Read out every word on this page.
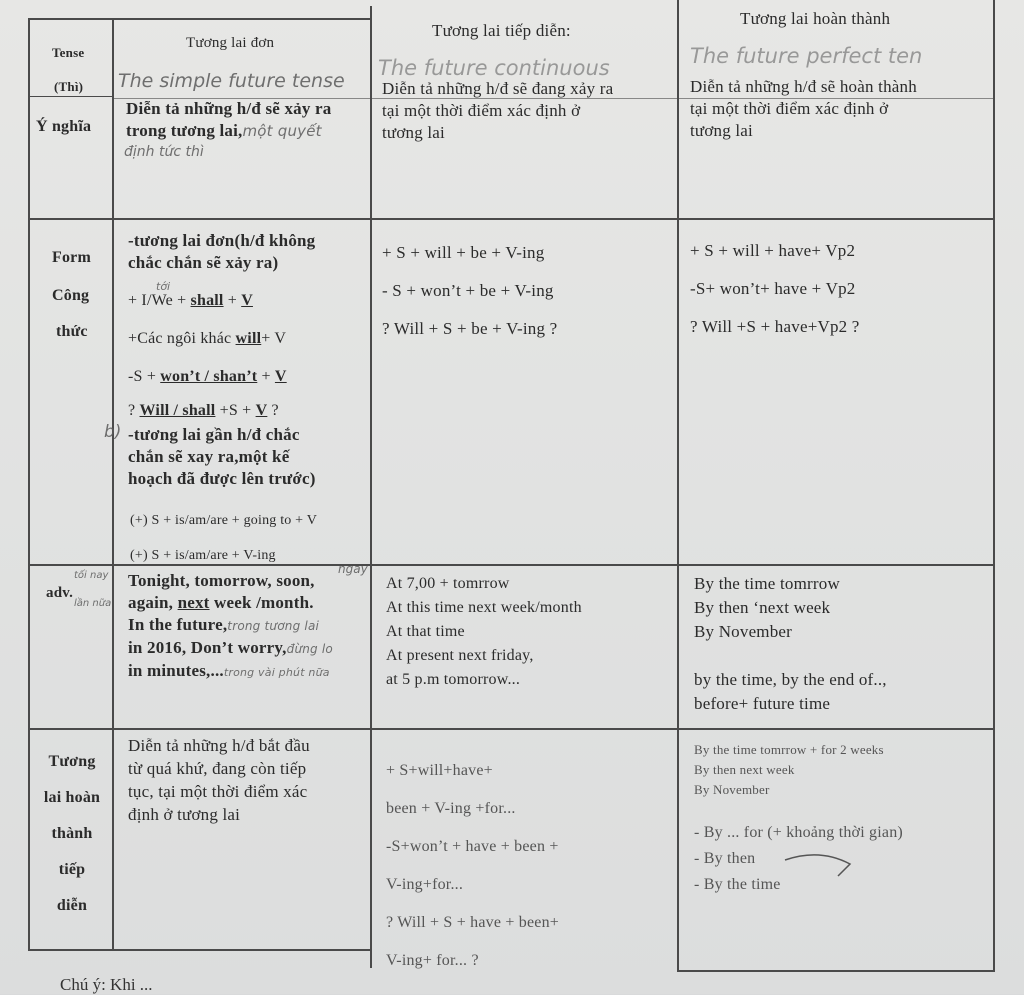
Tense
(Thì)
Tương lai đơn
Tương lai tiếp diễn:
Tương lai hoàn thành
The simple future tense
The future continuous	The future perfect ten
Ý nghĩa

Diễn tả những h/đ sẽ xảy ra

trong tương lai,một quyết

định tức thì

Diễn tả những h/đ sẽ đang xảy ra

tại một thời điểm xác định ở

tương lai

Diễn tả những h/đ sẽ hoàn thành

tại một thời điểm xác định ở

tương lai

Form
Công
thức

-tương lai đơn(h/đ không

chắc chắn sẽ xảy ra)

+ I/We + shall + V
tới
+Các ngôi khác will+ V
-S + won’t / shan’t + V
? Will / shall +S + V ?
b) -tương lai gần h/đ chắc

chắn sẽ xay ra,một kế

hoạch đã được lên trước)

(+) S + is/am/are + going to + V
(+) S + is/am/are + V-ing

+ S + will + be + V-ing

- S + won’t + be + V-ing

? Will + S + be + V-ing ?

+ S + will + have+ Vp2

-S+ won’t+ have + Vp2

? Will +S + have+Vp2 ?

adv.
tối nay
lần nữa
ngay

Tonight, tomorrow, soon,

again, next week /month.

In the future,trong tương lai

in 2016, Don’t worry,đừng lo

in minutes,...trong vài phút nữa

At 7,00 + tomrrow

At this time next week/month

At that time

At present next friday,

at 5 p.m tomorrow...

By the time tomrrow

By then ‘next week

By November

by the time, by the end of..,

before+ future time

Tương

lai hoàn

thành

tiếp

diễn

Diễn tả những h/đ bắt đầu

từ quá khứ, đang còn tiếp

tục, tại một thời điểm xác

định ở tương lai

+ S+will+have+

been + V-ing +for...

-S+won’t + have + been +

V-ing+for...

? Will + S + have + been+

V-ing+ for... ?

By the time tomrrow + for 2 weeks

By then next week

By November

- By ... for (+ khoảng thời gian)

- By then

- By the time

Chú ý: Khi ...
